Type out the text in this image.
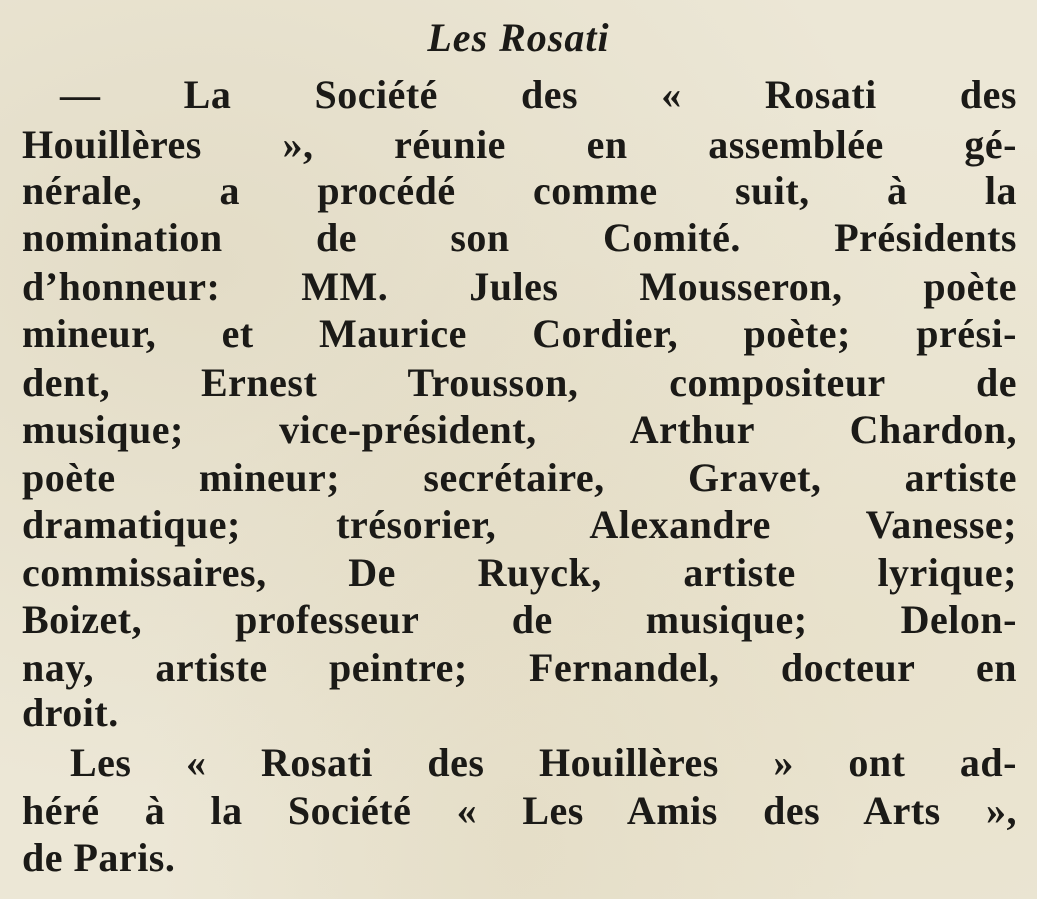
Les Rosati
— La Société des « Rosati des
Houillères », réunie en assemblée gé-
nérale, a procédé comme suit, à la
nomination de son Comité. Présidents
d’honneur: MM. Jules Mousseron, poète
mineur, et Maurice Cordier, poète; prési-
dent, Ernest Trousson, compositeur de
musique; vice-président, Arthur Chardon,
poète mineur; secrétaire, Gravet, artiste
dramatique; trésorier, Alexandre Vanesse;
commissaires, De Ruyck, artiste lyrique;
Boizet, professeur de musique; Delon-
nay, artiste peintre; Fernandel, docteur en
droit.
Les « Rosati des Houillères » ont ad-
héré à la Société « Les Amis des Arts »,
de Paris.
